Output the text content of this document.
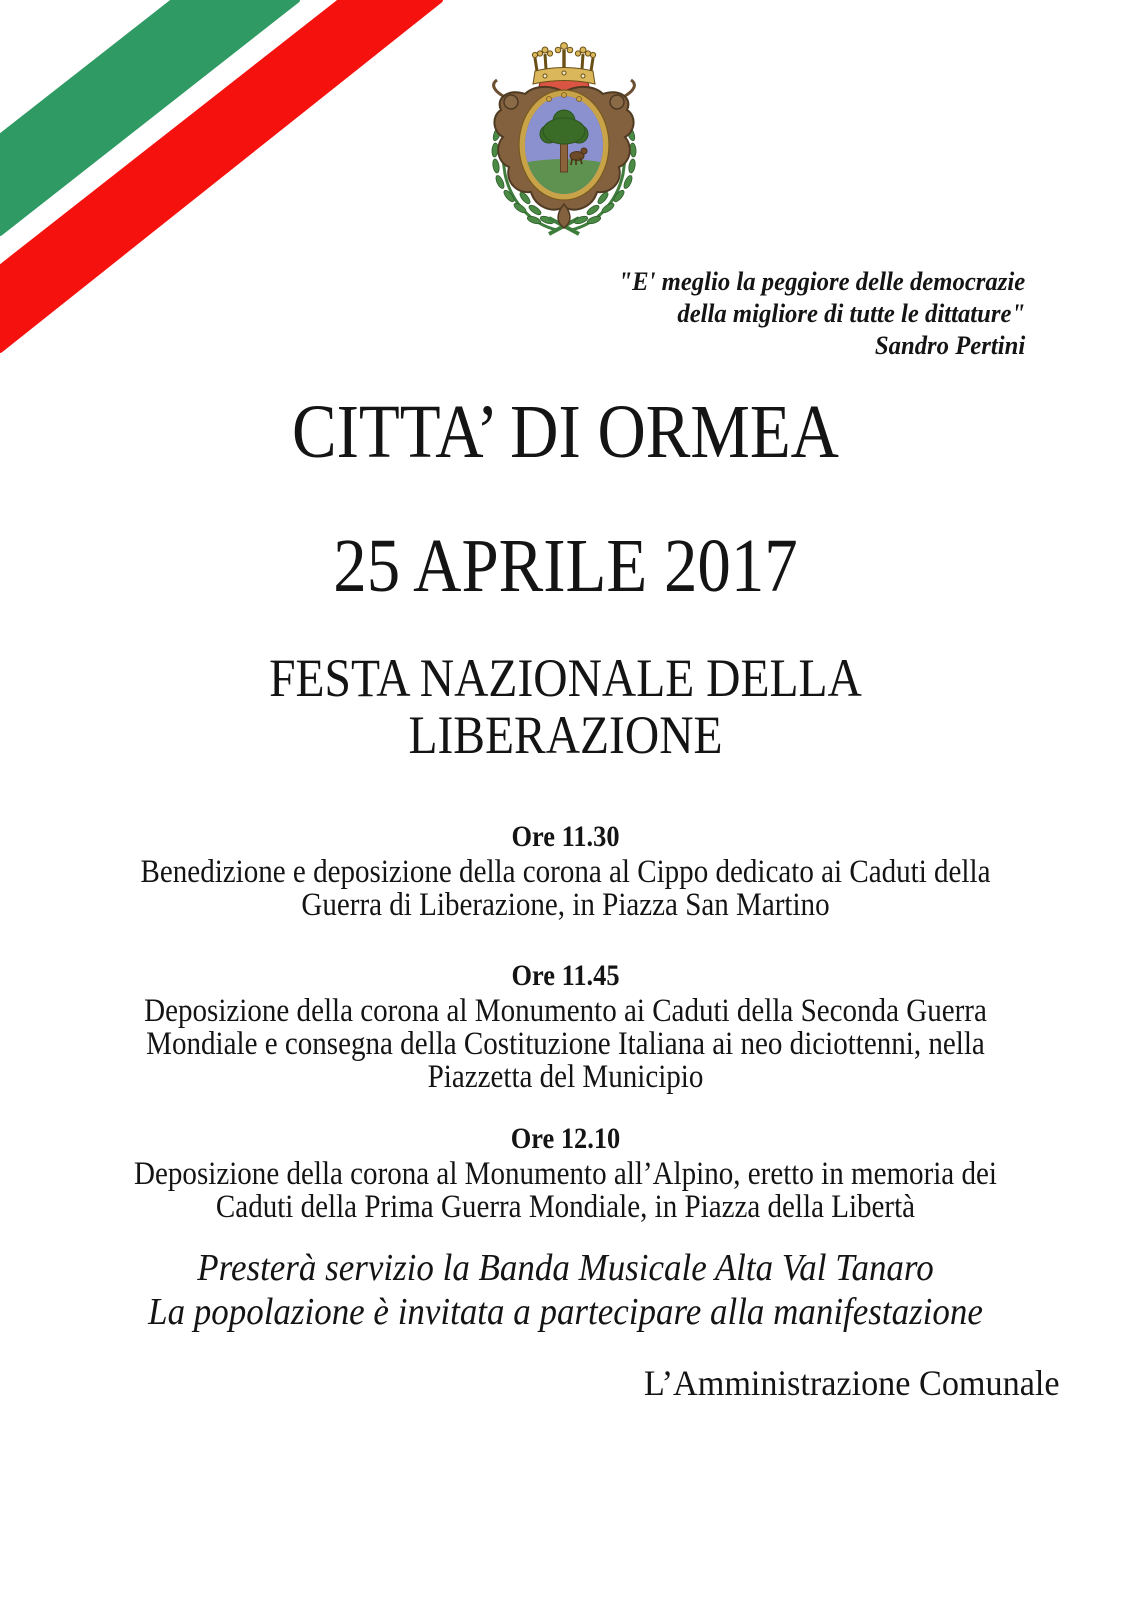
"E' meglio la peggiore delle democrazie
della migliore di tutte le dittature"
Sandro Pertini
CITTA’ DI ORMEA
25 APRILE 2017
FESTA NAZIONALE DELLA
LIBERAZIONE
Ore 11.30
Benedizione e deposizione della corona al Cippo dedicato ai Caduti della
Guerra di Liberazione, in Piazza San Martino
Ore 11.45
Deposizione della corona al Monumento ai Caduti della Seconda Guerra
Mondiale e consegna della Costituzione Italiana ai neo diciottenni, nella
Piazzetta del Municipio
Ore 12.10
Deposizione della corona al Monumento all’Alpino, eretto in memoria dei
Caduti della Prima Guerra Mondiale, in Piazza della Libertà
Presterà servizio la Banda Musicale Alta Val Tanaro
La popolazione è invitata a partecipare alla manifestazione
L’Amministrazione Comunale
